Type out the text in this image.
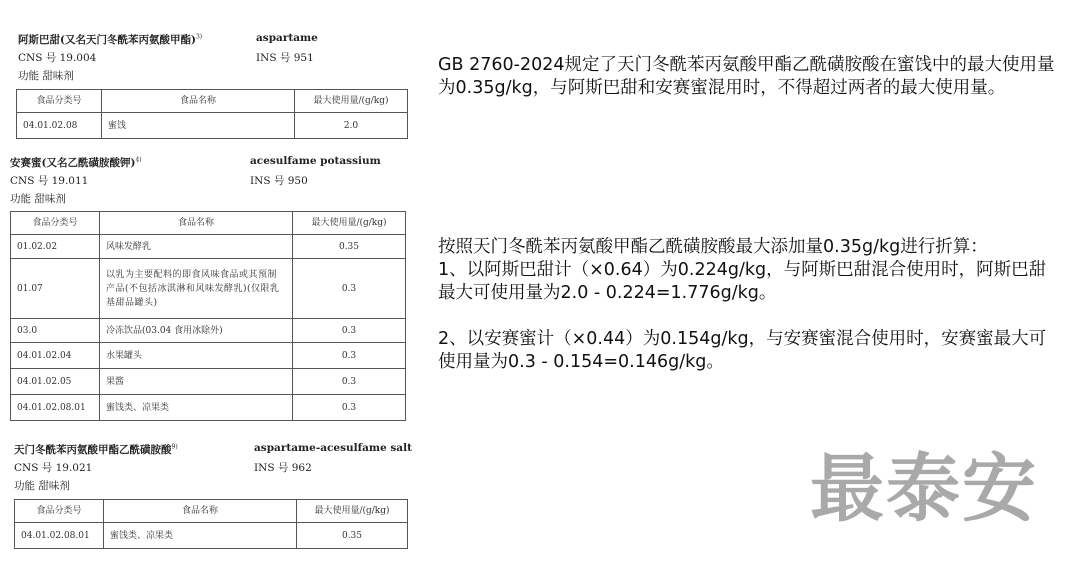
阿斯巴甜(又名天门冬酰苯丙氨酸甲酯)$^{3)}$	aspartame
CNS 号 19.004	INS 号 951
功能 甜味剂
食品分类号	食品名称	最大使用量/(g/kg)
04.01.02.08	蜜饯	2.0
安赛蜜(又名乙酰磺胺酸钾)$^{4)}$	acesulfame potassium
CNS 号 19.011	INS 号 950
功能 甜味剂
食品分类号	食品名称	最大使用量/(g/kg)
01.02.02	风味发酵乳	0.35
01.07	以乳为主要配料的即食风味食品或其预制产品(不包括冰淇淋和风味发酵乳)(仅限乳基甜品罐头)	0.3
03.0	冷冻饮品(03.04 食用冰除外)	0.3
04.01.02.04	水果罐头	0.3
04.01.02.05	果酱	0.3
04.01.02.08.01	蜜饯类、凉果类	0.3
天门冬酰苯丙氨酸甲酯乙酰磺胺酸$^{9)}$	aspartame-acesulfame salt
CNS 号 19.021	INS 号 962
功能 甜味剂
食品分类号	食品名称	最大使用量/(g/kg)
04.01.02.08.01	蜜饯类、凉果类	0.35

GB 2760-2024规定了天门冬酰苯丙氨酸甲酯乙酰磺胺酸在蜜饯中的最大使用量为0.35g/kg，与阿斯巴甜和安赛蜜混用时，不得超过两者的最大使用量。

按照天门冬酰苯丙氨酸甲酯乙酰磺胺酸最大添加量0.35g/kg进行折算：

1、以阿斯巴甜计（×0.64）为0.224g/kg，与阿斯巴甜混合使用时，阿斯巴甜最大可使用量为2.0 - 0.224=1.776g/kg。

2、以安赛蜜计（×0.44）为0.154g/kg，与安赛蜜混合使用时，安赛蜜最大可使用量为0.3 - 0.154=0.146g/kg。

最泰安
